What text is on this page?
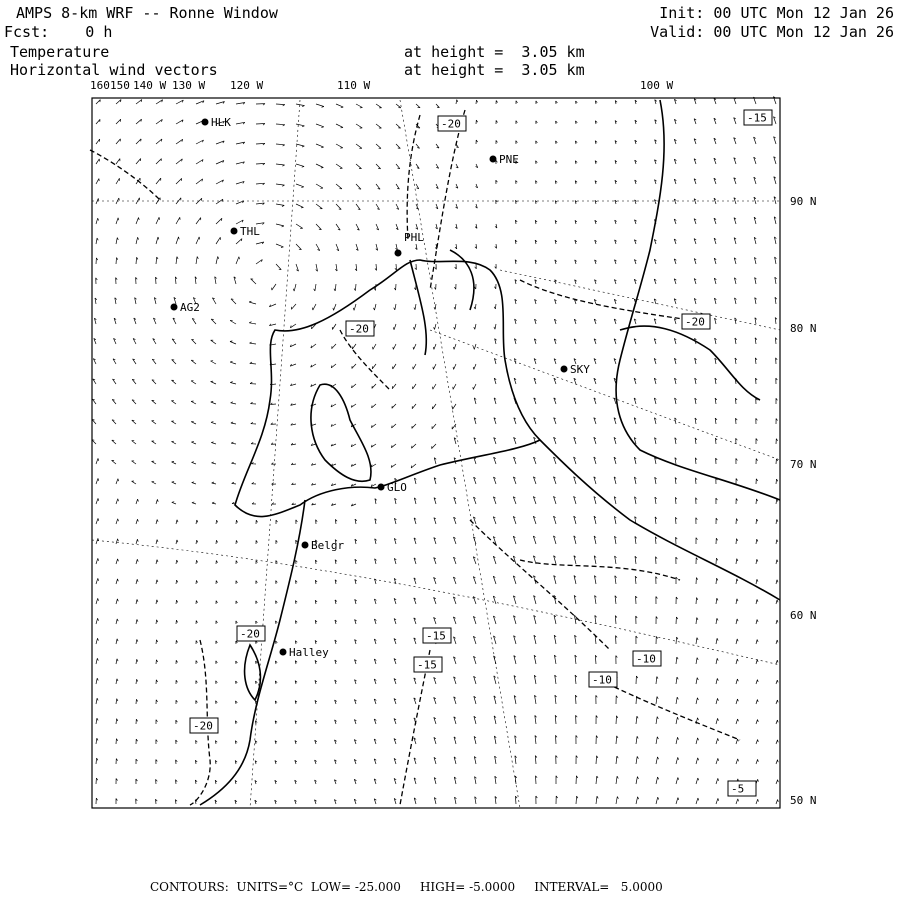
AMPS 8-km WRF -- Ronne Window	Init: 00 UTC Mon 12 Jan 26
Fcst:    0 h	Valid: 00 UTC Mon 12 Jan 26
Temperature	at height =  3.05 km
Horizontal wind vectors	at height =  3.05 km
160 150 140 W 130 W 120 W	110 W	100 W
90 N
80 N
70 N
60 N
50 N
HLK
PNE
THL	PHL
AG2
SKY
GLO
Belgr
Halley
-20	-15
-20
-20
-20	-15
-15	-10
-10
-20
-5
CONTOURS:  UNITS=°C  LOW= -25.000     HIGH= -5.0000     INTERVAL=   5.0000
